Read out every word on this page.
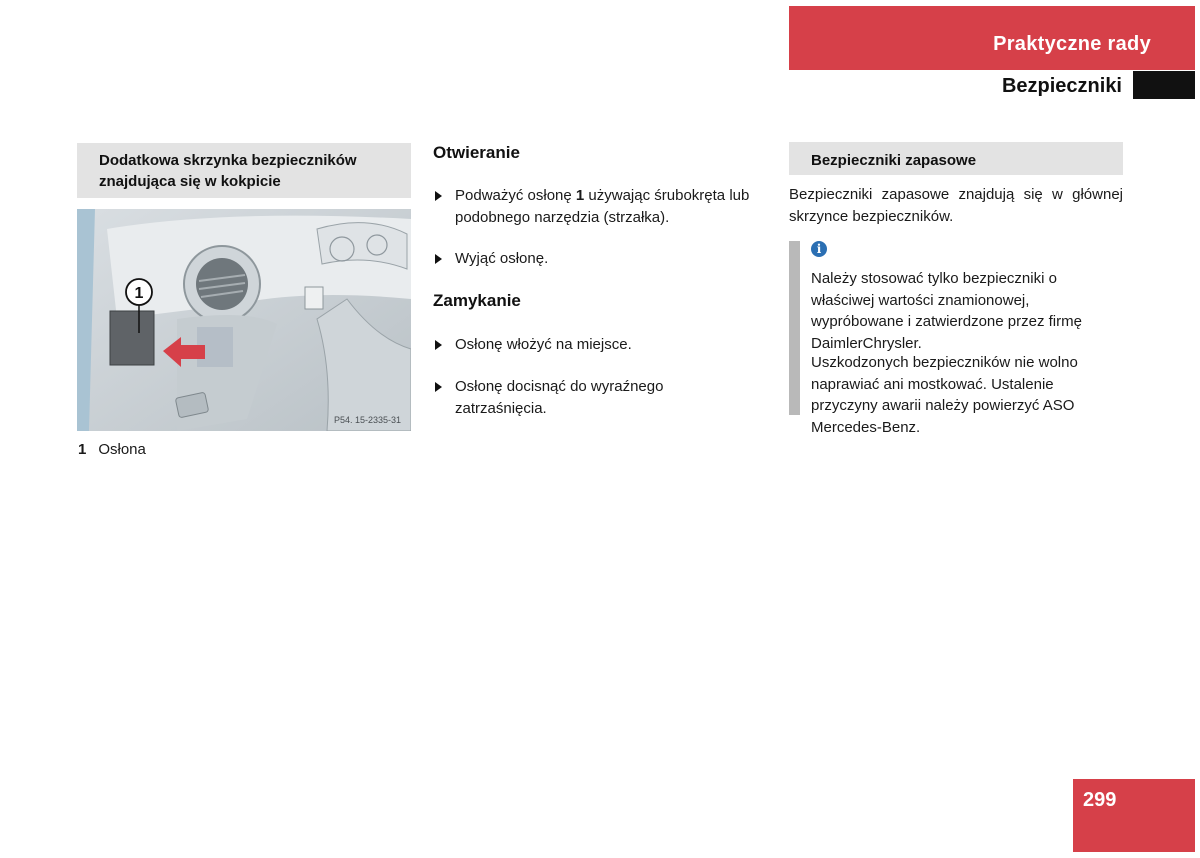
Praktyczne rady
Bezpieczniki
Dodatkowa skrzynka bezpieczników znajdująca się w kokpicie
1
P54. 15-2335-31
1 Osłona
Otwieranie
Podważyć osłonę 1 używając śrubokręta lub podobnego narzędzia (strzałka).
Wyjąć osłonę.
Zamykanie
Osłonę włożyć na miejsce.
Osłonę docisnąć do wyraźnego zatrzaśnięcia.
Bezpieczniki zapasowe
Bezpieczniki zapasowe znajdują się w głównej skrzynce bezpieczników.
i
Należy stosować tylko bezpieczniki o właściwej wartości znamionowej, wypróbowane i zatwierdzone przez firmę DaimlerChrysler.
Uszkodzonych bezpieczników nie wolno naprawiać ani mostkować. Ustalenie przyczyny awarii należy powierzyć ASO Mercedes-Benz.
299
